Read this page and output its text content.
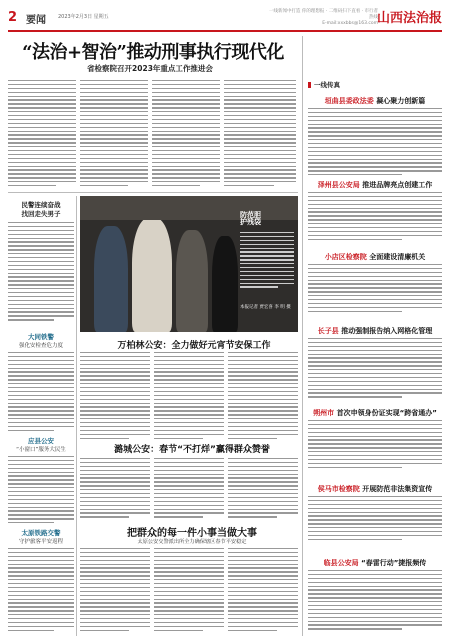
2 要闻 2023年2月3日 星期五
一线新闻中打造 你的理想报 · 二维码扫下直看 · 市行者热线
E-mail:xxxbbs@163.com
山西法治报
“法治+智治”推动刑事执行现代化
省检察院召开2023年重点工作推进会
民警连续奋战
找回走失男子
大同铁警
强化安检查危力度
应县公安
“小窗口”服务大民生
太原铁路交警
守护旅客平安返程
防范胆
护残袋
本报记者 贾宏喜 李 明 摄
万柏林公安：全力做好元宵节安保工作
潞城公安：春节“不打烊”赢得群众赞誉
把群众的每一件小事当做大事
太原公安交警派出所全力确保辖区春节平安稳定
一线传真
垣曲县委政法委 凝心聚力创新篇
泽州县公安局 推进品牌亮点创建工作
小店区检察院 全面建设清廉机关
长子县 推动强制报告纳入网格化管理
朔州市 首次申领身份证实现“跨省通办”
侯马市检察院 开展防范非法集资宣传
临县公安局 “春雷行动”捷报频传
